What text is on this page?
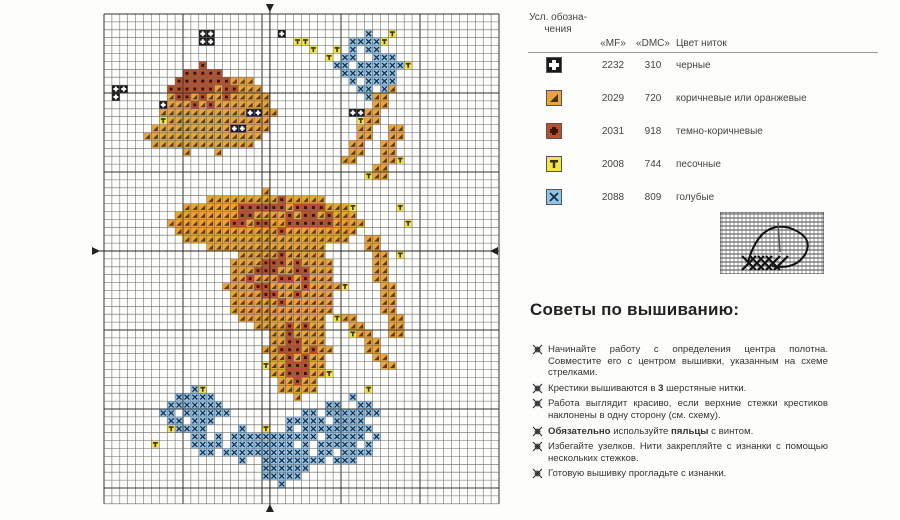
Усл. обозна-чения
«MF»	«DMC» Цвет ниток
2232	310	черные
2029	720	коричневые или оранжевые
2031	918	темно-коричневые
2008	744	песочные
2088	809	голубые
Советы по вышиванию:
Начинайте работу с определения центра полотна. Совместите его с центром вышивки, указанным на схеме стрелками.
Крестики вышиваются в 3 шерстяные нитки.
Работа выглядит красиво, если верхние стежки крестиков наклонены в одну сторону (см. схему).
Обязательно используйте пяльцы с винтом.
Избегайте узелков. Нити закрепляйте с изнанки с помощью нескольких стежков.
Готовую вышивку прогладьте с изнанки.
